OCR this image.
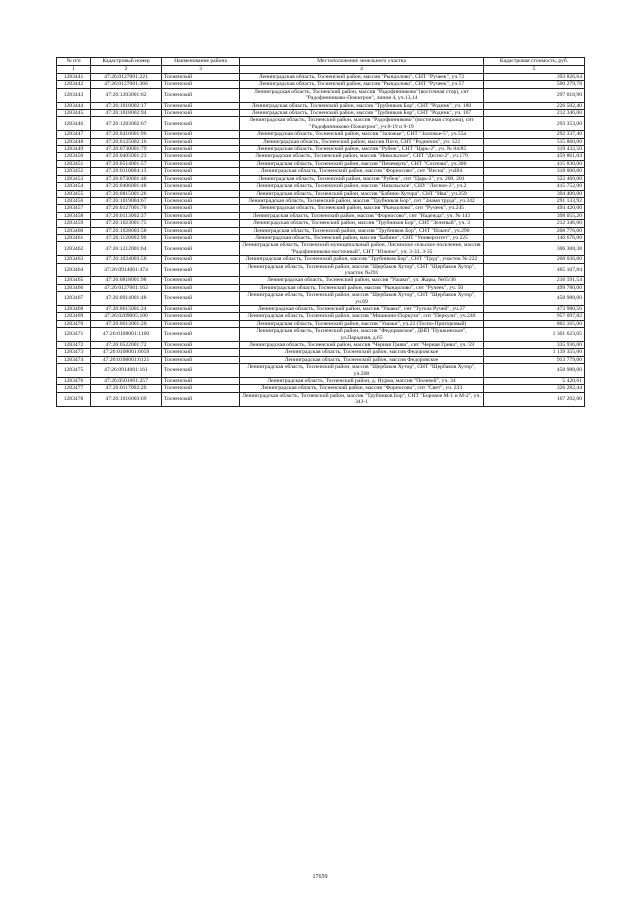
№ п/п	Кадастровый номер	Наименование района	Местоположение земельного участка	Кадастровая стоимость, руб.
1	2	3	4	5
1283441	47:26:0127001:221	Тосненский	Ленинградская область, Тосненский район, массив "Рындолово", СНТ "Ручеек", уч.72	393 826,64
1283442	47:26:0127001:366	Тосненский	Ленинградская область, Тосненский район, массив "Рындолово", СНТ "Ручеек", уч 57	500 279,78
1283443	47:26:1203001:62	Тосненский	Ленинградская область, Тосненский район, массив "Радофинниково"(восточная стор), снт "Радофинниково-Пожигрои", линия 4, уч.13,14	297 018,90
1283444	47:26:1018002:17	Тосненский	Ленинградская область, Тосненский район, массив "Трубников Бор", СНТ "Родник", уч. 180	226 502,40
1283445	47:26:1018002:94	Тосненский	Ленинградская область, Тосненский район, массив "Трубников Бор", СНТ "Родник", уч. 167	212 346,00
1283446	47:26:1203002:67	Тосненский	Ленинградская область, Тосненский район, массив "Радофинниково" (восточная сторона), снт "Радофинниково-Пожигрои", уч 8-19 и 9-19	293 353,00
1283447	47:26:0416001:96	Тосненский	Ленинградская область, Тосненский район, массив "Заложье", СНТ "Заложье-5", уч.55а	292 337,40
1283448	47:26:0125002:16	Тосненский	Ленинградская область, Тосненский район, массив Поги, СНТ "Родничок", уч. 122	515 860,00
1283449	47:26:0730001:79	Тосненский	Ленинградская область, Тосненский район, массив "Рубеж", СНТ "Царь-2", уч. № 84/85	319 432,50
1283450	47:26:0405001:23	Тосненский	Ленинградская область, Тосненский район, массив "Никольское", СНТ "Десно-2", уч.179	459 861,04
1283451	47:26:0514001:57	Тосненский	Ленинградская область, Тосненский район, массив "Печеверть", СНТ "Соснова", уч.306	415 830,00
1283452	47:26:0110004:13	Тосненский	Ленинградская область, Тосненский район, массив "Форносово", снт "Весна", уч404	318 000,00
1283453	47:26:0730001:46	Тосненский	Ленинградская область, Тосненский район, массив "Рубеж", снт "Царь-2", уч. 200, 201	322 460,00
1283454	47:26:0406001:48	Тосненский	Ленинградская область, Тосненский район, массив "Никольское", СНУ "Лесное-3", уч.2	415 752,00
1283455	47:26:0815001:26	Тосненский	Ленинградская область, Тосненский район, массив "Бабино-Хутора", СНТ "Ива", уч.259	394 400,00
1283456	47:26:1019004:67	Тосненский	Ленинградская область, Тосненский район, массив "Трубников Бор", снт "Знамя труда", уч.342	291 133,92
1283457	47:26:0127001:70	Тосненский	Ленинградская область, Тосненский район, массив "Рындолово", снт "Ручеек", уч.245	494 420,00
1283458	47:26:0113002:37	Тосненский	Ленинградская область, Тосненский район, массив "Форносово", снт "Надежда", уч. № 141	398 055,20
1283459	47:26:1023001:75	Тосненский	Ленинградская область, Тосненский район, массив "Трубников Бор", СНТ "Зеленый", уч. 3	212 346,00
1283460	47:26:1028003:58	Тосненский	Ленинградская область, Тосненский район, массив "Трубников Бор", СНТ "Ильич", уч.290	208 776,00
1283461	47:26:1120002:90	Тосненский	Ленинградская область, Тосненский район, массив "Бабино", СНТ "Университет", уч 225	146 676,00
1283462	47:26:1212001:64	Тосненский	Ленинградская область, Тосненский муниципальный район, Лисинское сельское поселение, массив "Радофинниково-восточный", СНТ "Южное", уч. 3-33, 3-35	306 308,38
1283463	47:26:1024003:58	Тосненский	Ленинградская область, Тосненский район, массив "Трубников Бор", СНТ "Труд", участок № 222	208 036,00
1283464	47:26:0914001:474	Тосненский	Ленинградская область, Тосненский район, массив "Щербаков Хутор", СНТ "Щербаков Хутор", участок №291	465 107,84
1283465	47:26:0818001:98	Тосненский	Ленинградская область, Тосненский район, массив "Ушаки", ул. Жары, №65/36	216 191,54
1283466	47:26:0127001:162	Тосненский	Ленинградская область, Тосненский район, массив "Рындолово", снт "Ручеек", уч. 50	499 780,00
1283467	47:26:0914001:48	Тосненский	Ленинградская область, Тосненский район, массив "Щербаков Хутор", СНТ "Щербаков Хутор", уч.69	458 988,00
1283468	47:26:0615001:24	Тосненский	Ленинградская область, Тосненский район, массив "Ушаки", снт "Тугола Ручей", уч.27	473 980,56
1283469	47:26:0209005:100	Тосненский	Ленинградская область, Тосненский район, массив "Мишкино-Поркузи", снт "Перкузи", уч.240	957 097,82
1283470	47:26:0613001:20	Тосненский	Ленинградская область, Тосненский район, массив "Ушаки", уч.22 (Тосно-Приторовый)	802 165,00
1283471	47:26:0108001:1100	Тосненский	Ленинградская область, Тосненский район, массив "Федоровское", ДНП "Пушкинское", ул.Парадная, д.65	1 301 623,05
1283472	47:26:0522001:72	Тосненский	Ленинградская область, Тосненский район, массив "Черная Грива", снт "Черная Грива", уч. 59	335 936,00
1283473	47:26:0108001:6059	Тосненский	Ленинградская область, Тосненский район, массив Федоровское	1 139 355,00
1283474	47:26:0108001:6121	Тосненский	Ленинградская область, Тосненский район, массив Федоровское	913 779,00
1283475	47:26:0914001:161	Тосненский	Ленинградская область, Тосненский район, массив "Щербаков Хутор", СНТ "Щербаков Хутор", уч.208	458 988,00
1283476	47:26:0501001:257	Тосненский	Ленинградская область, Тосненский район, д. Нурма, массив "Полевой", уч. 34	5 420,61
1283477	47:26:0117002:20	Тосненский	Ленинградская область, Тосненский район, массив "Форносово", снт "Свет", уч. 233	326 282,44
1283478	47:26:1016003:69	Тосненский	Ленинградская область, Тосненский район, массив "Трубников Бор", СНТ "Боровое М-1 и М-2", уч. 343-1	167 202,00
17659
